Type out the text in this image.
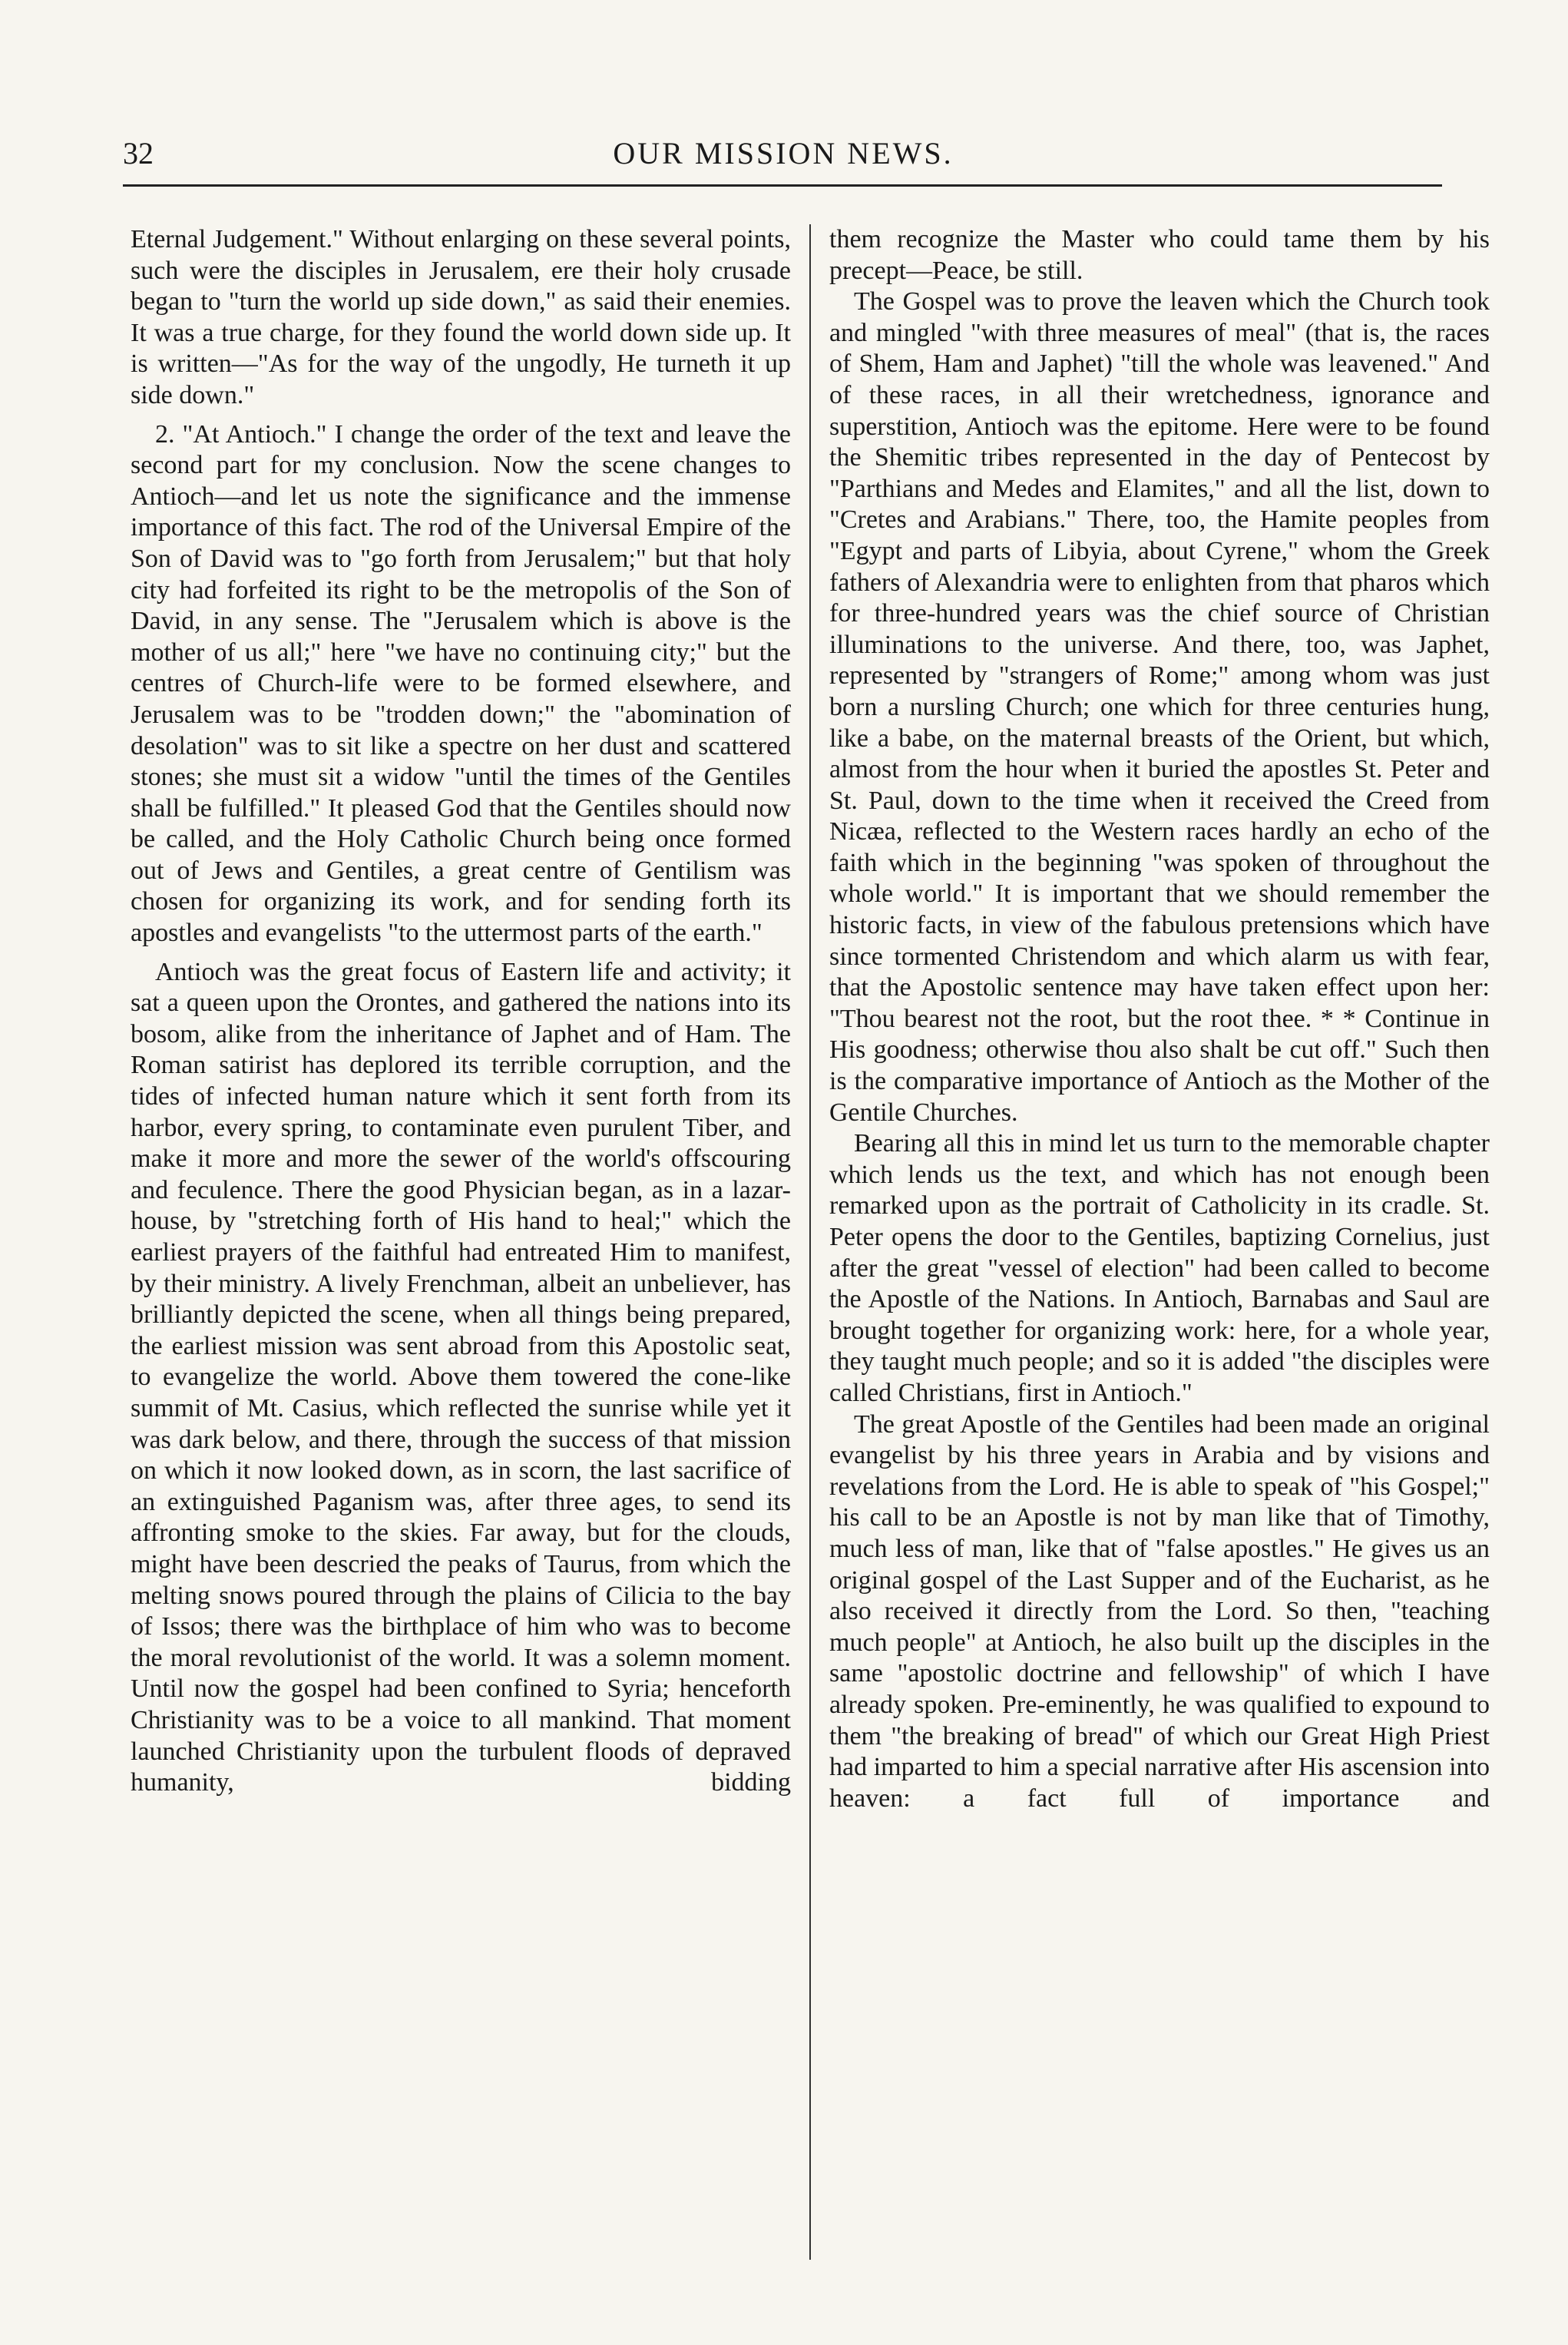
32	OUR MISSION NEWS.

Eternal Judgement." Without enlarging on these several points, such were the disciples in Jerusalem, ere their holy crusade began to "turn the world up side down," as said their enemies. It was a true charge, for they found the world down side up. It is written—"As for the way of the ungodly, He turneth it up side down."

2. "At Antioch." I change the order of the text and leave the second part for my conclusion. Now the scene changes to Antioch—and let us note the significance and the immense importance of this fact. The rod of the Universal Empire of the Son of David was to "go forth from Jerusalem;" but that holy city had forfeited its right to be the metropolis of the Son of David, in any sense. The "Jerusalem which is above is the mother of us all;" here "we have no continuing city;" but the centres of Church-life were to be formed elsewhere, and Jerusalem was to be "trodden down;" the "abomination of desolation" was to sit like a spectre on her dust and scattered stones; she must sit a widow "until the times of the Gentiles shall be fulfilled." It pleased God that the Gentiles should now be called, and the Holy Catholic Church being once formed out of Jews and Gentiles, a great centre of Gentilism was chosen for organizing its work, and for sending forth its apostles and evangelists "to the uttermost parts of the earth."

Antioch was the great focus of Eastern life and activity; it sat a queen upon the Orontes, and gathered the nations into its bosom, alike from the inheritance of Japhet and of Ham. The Roman satirist has deplored its terrible corruption, and the tides of infected human nature which it sent forth from its harbor, every spring, to contaminate even purulent Tiber, and make it more and more the sewer of the world's offscouring and feculence. There the good Physician began, as in a lazar-house, by "stretching forth of His hand to heal;" which the earliest prayers of the faithful had entreated Him to manifest, by their ministry. A lively Frenchman, albeit an unbeliever, has brilliantly depicted the scene, when all things being prepared, the earliest mission was sent abroad from this Apostolic seat, to evangelize the world. Above them towered the cone-like summit of Mt. Casius, which reflected the sunrise while yet it was dark below, and there, through the success of that mission on which it now looked down, as in scorn, the last sacrifice of an extinguished Paganism was, after three ages, to send its affronting smoke to the skies. Far away, but for the clouds, might have been descried the peaks of Taurus, from which the melting snows poured through the plains of Cilicia to the bay of Issos; there was the birthplace of him who was to become the moral revolutionist of the world. It was a solemn moment. Until now the gospel had been confined to Syria; henceforth Christianity was to be a voice to all mankind. That moment launched Christianity upon the turbulent floods of depraved humanity, bidding

them recognize the Master who could tame them by his precept—Peace, be still.

The Gospel was to prove the leaven which the Church took and mingled "with three measures of meal" (that is, the races of Shem, Ham and Japhet) "till the whole was leavened." And of these races, in all their wretchedness, ignorance and superstition, Antioch was the epitome. Here were to be found the Shemitic tribes represented in the day of Pentecost by "Parthians and Medes and Elamites," and all the list, down to "Cretes and Arabians." There, too, the Hamite peoples from "Egypt and parts of Libyia, about Cyrene," whom the Greek fathers of Alexandria were to enlighten from that pharos which for three-hundred years was the chief source of Christian illuminations to the universe. And there, too, was Japhet, represented by "strangers of Rome;" among whom was just born a nursling Church; one which for three centuries hung, like a babe, on the maternal breasts of the Orient, but which, almost from the hour when it buried the apostles St. Peter and St. Paul, down to the time when it received the Creed from Nicæa, reflected to the Western races hardly an echo of the faith which in the beginning "was spoken of throughout the whole world." It is important that we should remember the historic facts, in view of the fabulous pretensions which have since tormented Christendom and which alarm us with fear, that the Apostolic sentence may have taken effect upon her: "Thou bearest not the root, but the root thee. * * Continue in His goodness; otherwise thou also shalt be cut off." Such then is the comparative importance of Antioch as the Mother of the Gentile Churches.

Bearing all this in mind let us turn to the memorable chapter which lends us the text, and which has not enough been remarked upon as the portrait of Catholicity in its cradle. St. Peter opens the door to the Gentiles, baptizing Cornelius, just after the great "vessel of election" had been called to become the Apostle of the Nations. In Antioch, Barnabas and Saul are brought together for organizing work: here, for a whole year, they taught much people; and so it is added "the disciples were called Christians, first in Antioch."

The great Apostle of the Gentiles had been made an original evangelist by his three years in Arabia and by visions and revelations from the Lord. He is able to speak of "his Gospel;" his call to be an Apostle is not by man like that of Timothy, much less of man, like that of "false apostles." He gives us an original gospel of the Last Supper and of the Eucharist, as he also received it directly from the Lord. So then, "teaching much people" at Antioch, he also built up the disciples in the same "apostolic doctrine and fellowship" of which I have already spoken. Pre-eminently, he was qualified to expound to them "the breaking of bread" of which our Great High Priest had imparted to him a special narrative after His ascension into heaven: a fact full of importance and
